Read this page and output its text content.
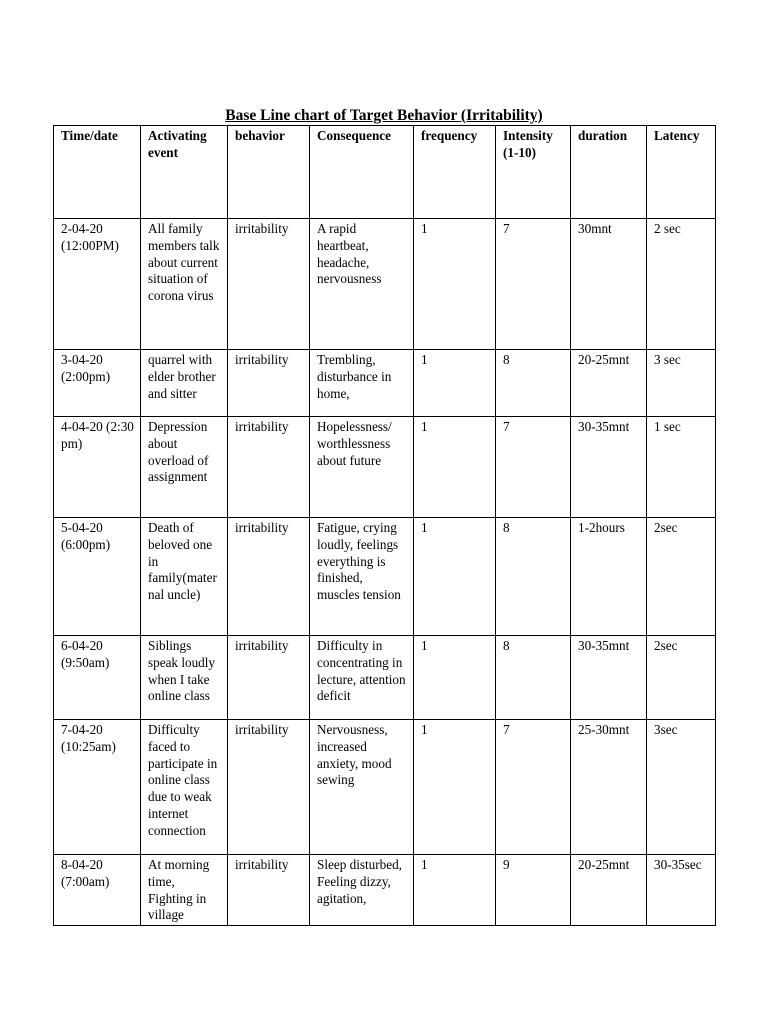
Base Line chart of Target Behavior (Irritability)
Time/date	Activating event	behavior	Consequence	frequency	Intensity (1-10)	duration	Latency
2-04-20 (12:00PM)	All family members talk about current situation of corona virus	irritability	A rapid heartbeat, headache, nervousness	1	7	30mnt	2 sec
3-04-20 (2:00pm)	quarrel with elder brother and sitter	irritability	Trembling, disturbance in home,	1	8	20-25mnt	3 sec
4-04-20 (2:30 pm)	Depression about overload of assignment	irritability	Hopelessness/ worthlessness about future	1	7	30-35mnt	1 sec
5-04-20 (6:00pm)	Death of beloved one in family(maternal uncle)	irritability	Fatigue, crying loudly, feelings everything is finished, muscles tension	1	8	1-2hours	2sec
6-04-20 (9:50am)	Siblings speak loudly when I take online class	irritability	Difficulty in concentrating in lecture, attention deficit	1	8	30-35mnt	2sec
7-04-20 (10:25am)	Difficulty faced to participate in online class due to weak internet connection	irritability	Nervousness, increased anxiety, mood sewing	1	7	25-30mnt	3sec
8-04-20 (7:00am)	At morning time, Fighting in village	irritability	Sleep disturbed, Feeling dizzy, agitation,	1	9	20-25mnt	30-35sec
